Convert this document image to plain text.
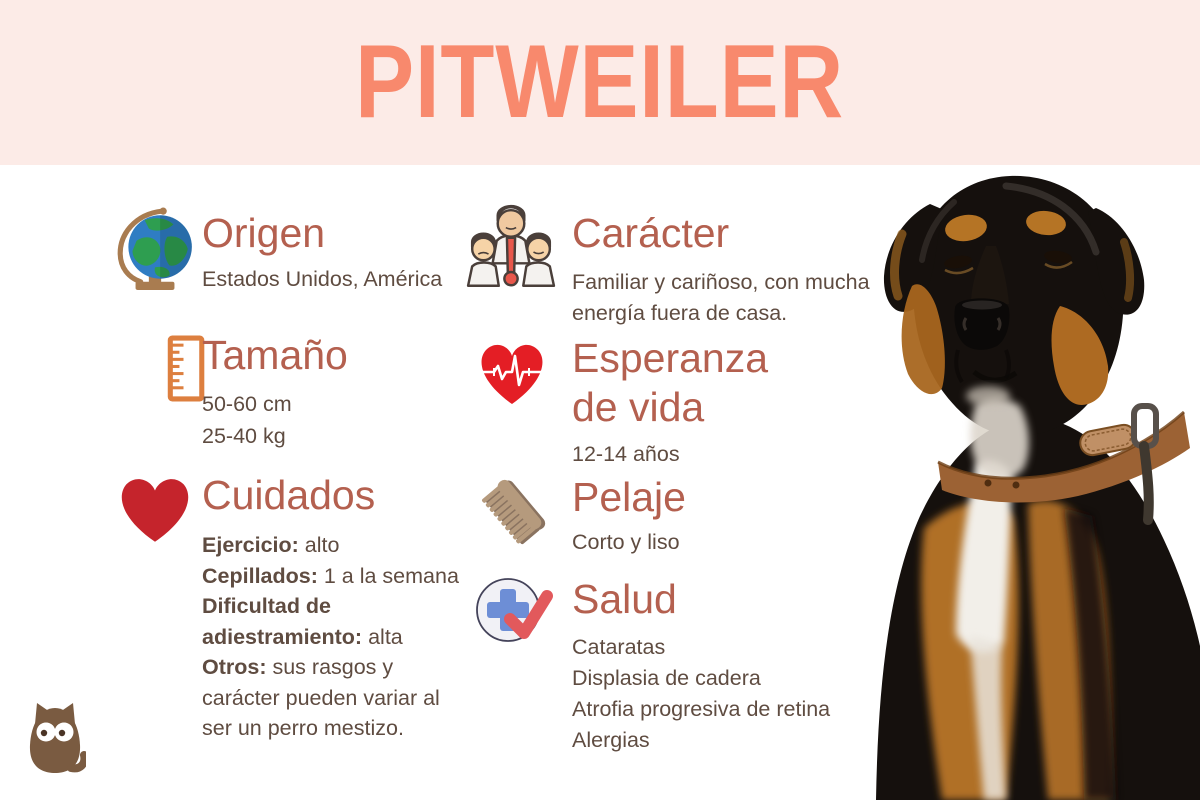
PITWEILER
Origen
Estados Unidos, América
Carácter
Familiar y cariñoso, con mucha
energía fuera de casa.
Tamaño
50-60 cm
25-40 kg
Esperanza
de vida
12-14 años
Cuidados
Ejercicio: alto
Cepillados: 1 a la semana
Dificultad de
adiestramiento: alta
Otros: sus rasgos y
carácter pueden variar al
ser un perro mestizo.
Pelaje
Corto y liso
Salud
Cataratas
Displasia de cadera
Atrofia progresiva de retina
Alergias
